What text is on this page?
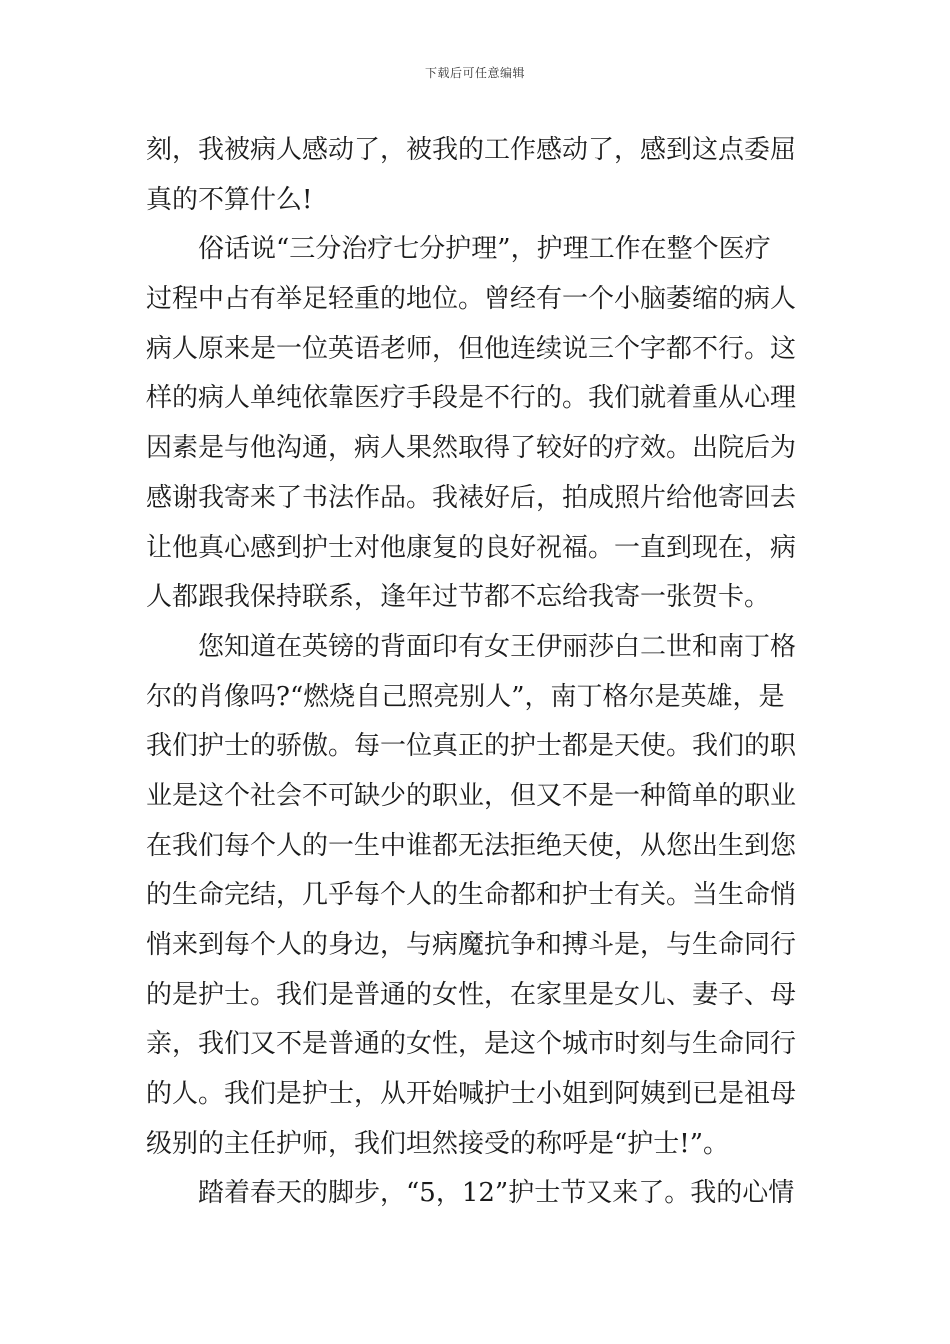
下载后可任意编辑
刻，我被病人感动了，被我的工作感动了，感到这点委屈
真的不算什么!
俗话说“三分治疗七分护理”，护理工作在整个医疗
过程中占有举足轻重的地位。曾经有一个小脑萎缩的病人
病人原来是一位英语老师，但他连续说三个字都不行。这
样的病人单纯依靠医疗手段是不行的。我们就着重从心理
因素是与他沟通，病人果然取得了较好的疗效。出院后为
感谢我寄来了书法作品。我裱好后，拍成照片给他寄回去
让他真心感到护士对他康复的良好祝福。一直到现在，病
人都跟我保持联系，逢年过节都不忘给我寄一张贺卡。
您知道在英镑的背面印有女王伊丽莎白二世和南丁格
尔的肖像吗?“燃烧自己照亮别人”，南丁格尔是英雄，是
我们护士的骄傲。每一位真正的护士都是天使。我们的职
业是这个社会不可缺少的职业，但又不是一种简单的职业
在我们每个人的一生中谁都无法拒绝天使，从您出生到您
的生命完结，几乎每个人的生命都和护士有关。当生命悄
悄来到每个人的身边，与病魔抗争和搏斗是，与生命同行
的是护士。我们是普通的女性，在家里是女儿、妻子、母
亲，我们又不是普通的女性，是这个城市时刻与生命同行
的人。我们是护士，从开始喊护士小姐到阿姨到已是祖母
级别的主任护师，我们坦然接受的称呼是“护士!”。
踏着春天的脚步，“5，12”护士节又来了。我的心情
